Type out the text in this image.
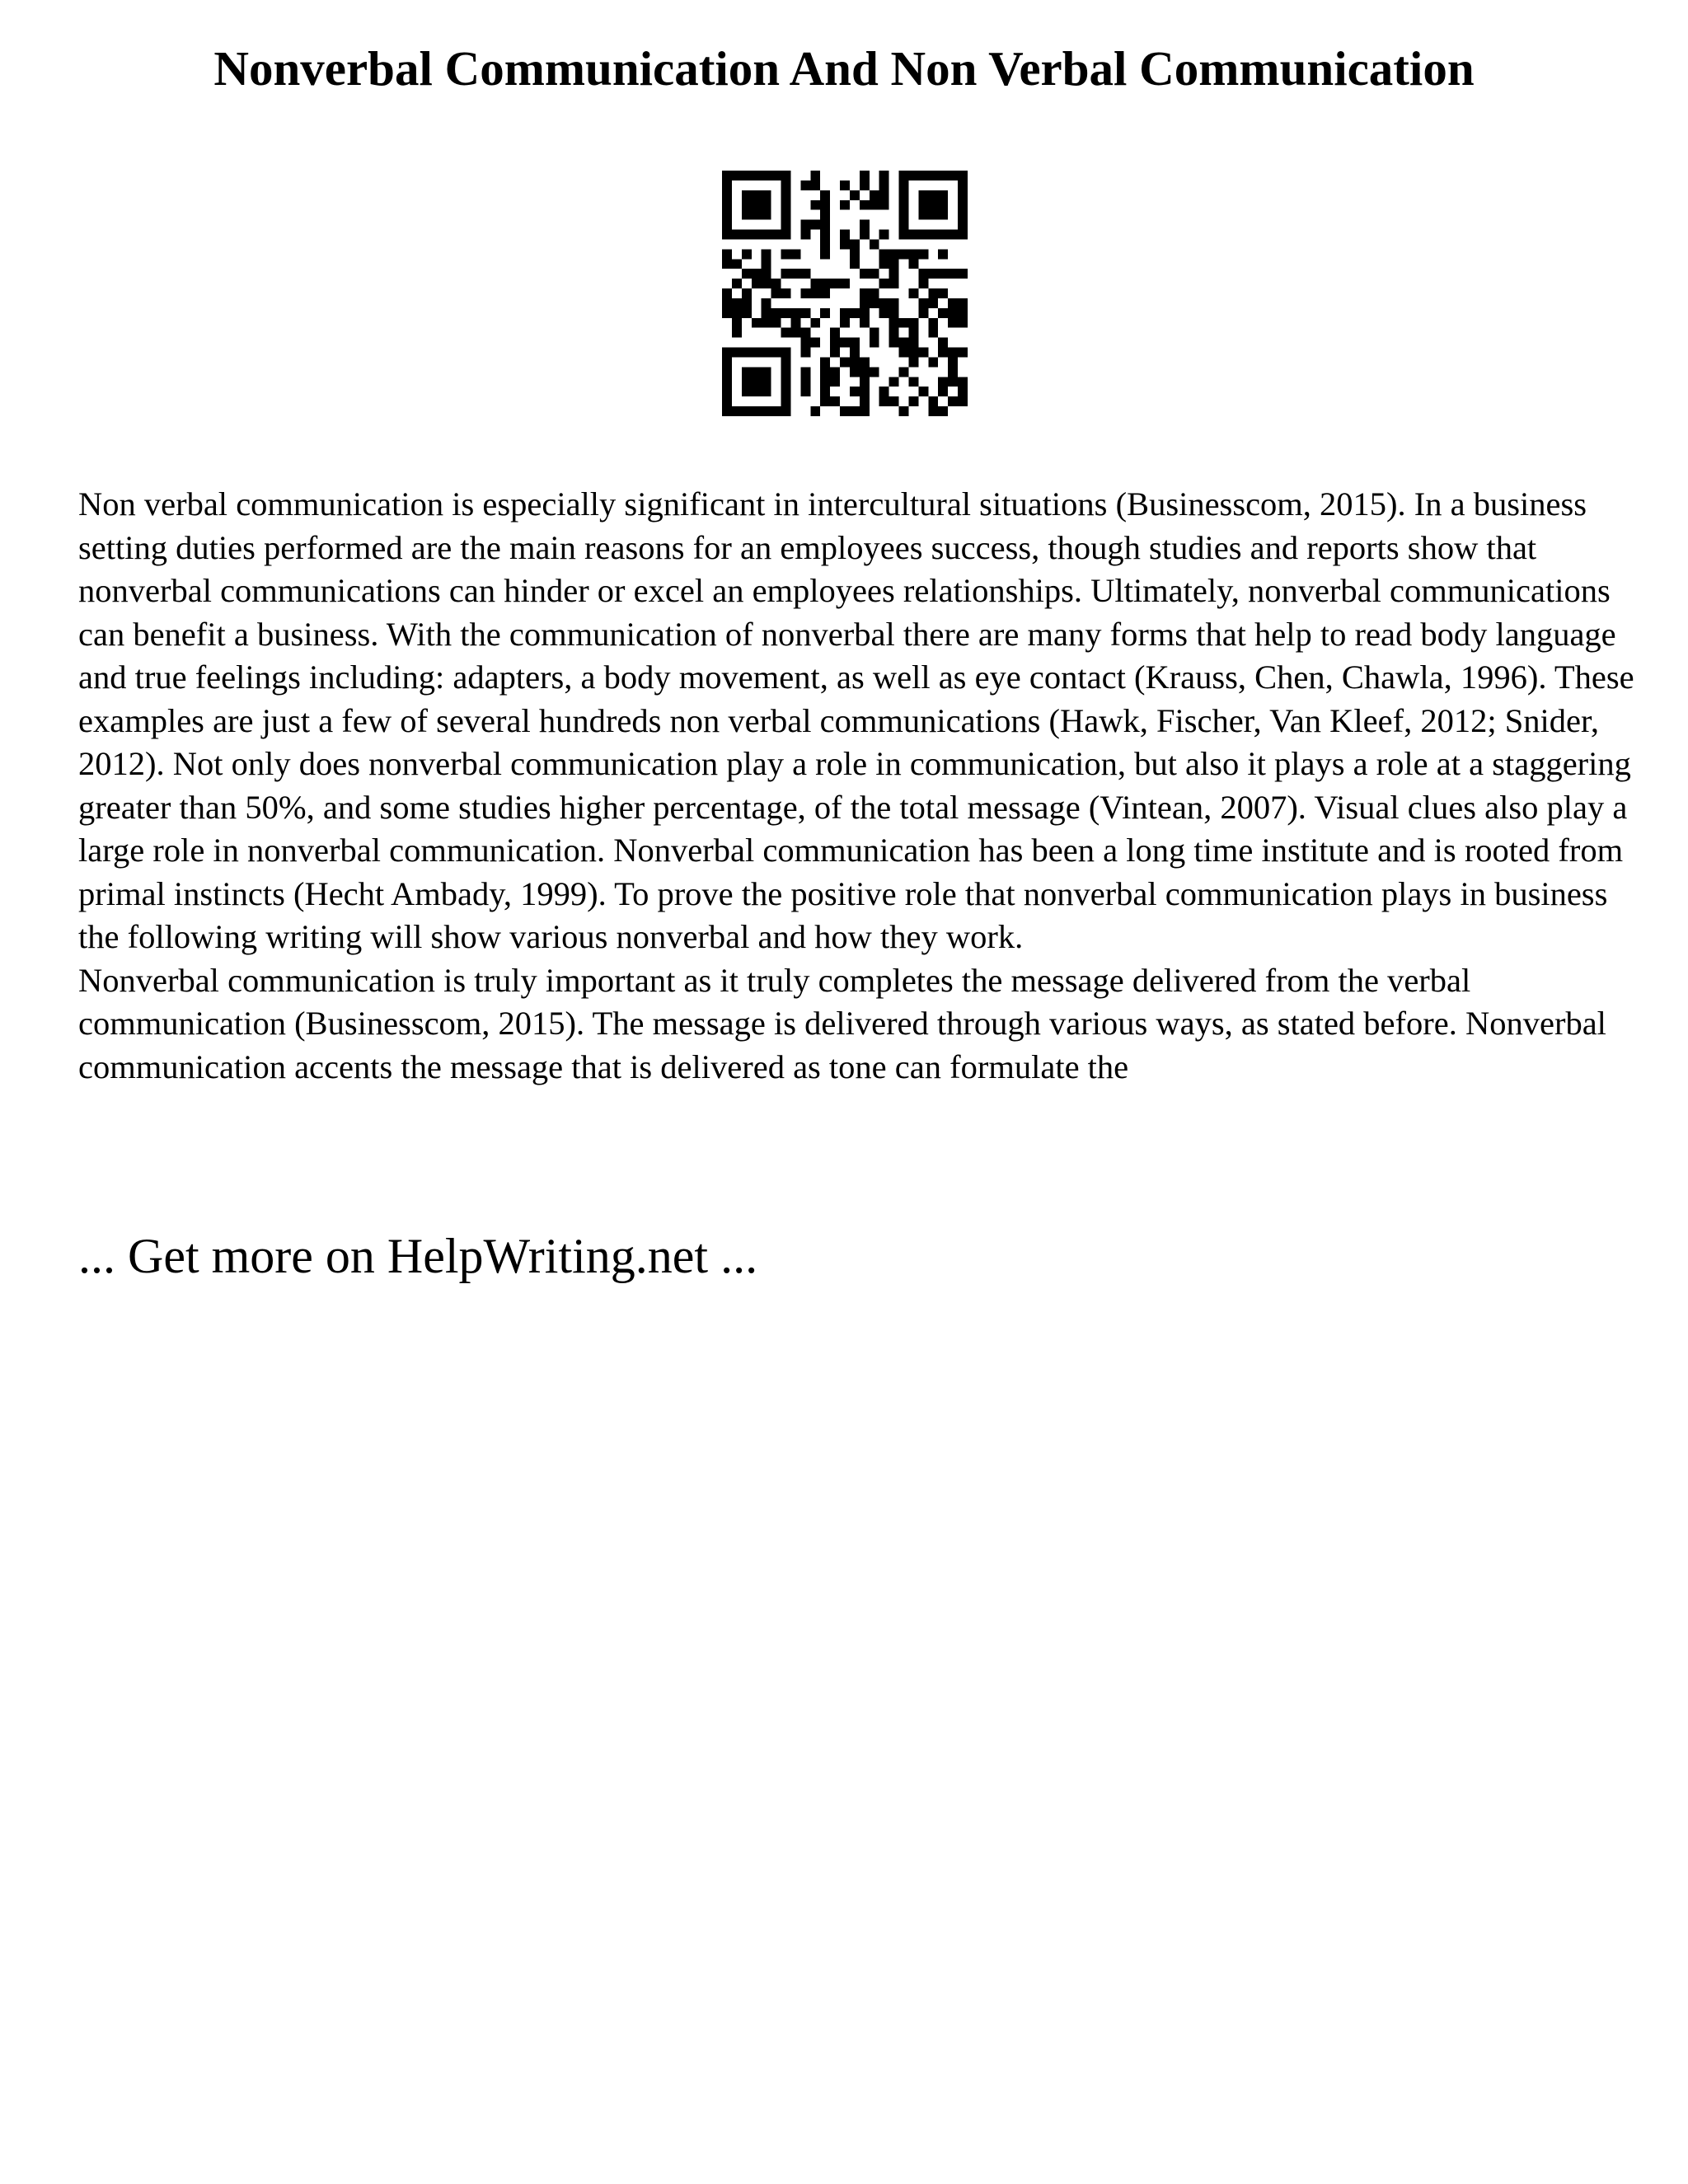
Nonverbal Communication And Non Verbal Communication

Non verbal communication is especially significant in intercultural situations (Businesscom, 2015). In a business setting duties performed are the main reasons for an employees success, though studies and reports show that nonverbal communications can hinder or excel an employees relationships. Ultimately, nonverbal communications can benefit a business. With the communication of nonverbal there are many forms that help to read body language and true feelings including: adapters, a body movement, as well as eye contact (Krauss, Chen, Chawla, 1996). These examples are just a few of several hundreds non verbal communications (Hawk, Fischer, Van Kleef, 2012; Snider, 2012). Not only does nonverbal communication play a role in communication, but also it plays a role at a staggering greater than 50%, and some studies higher percentage, of the total message (Vintean, 2007). Visual clues also play a large role in nonverbal communication. Nonverbal communication has been a long time institute and is rooted from primal instincts (Hecht Ambady, 1999). To prove the positive role that nonverbal communication plays in business the following writing will show various nonverbal and how they work.

Nonverbal communication is truly important as it truly completes the message delivered from the verbal communication (Businesscom, 2015). The message is delivered through various ways, as stated before. Nonverbal communication accents the message that is delivered as tone can formulate the

... Get more on HelpWriting.net ...
